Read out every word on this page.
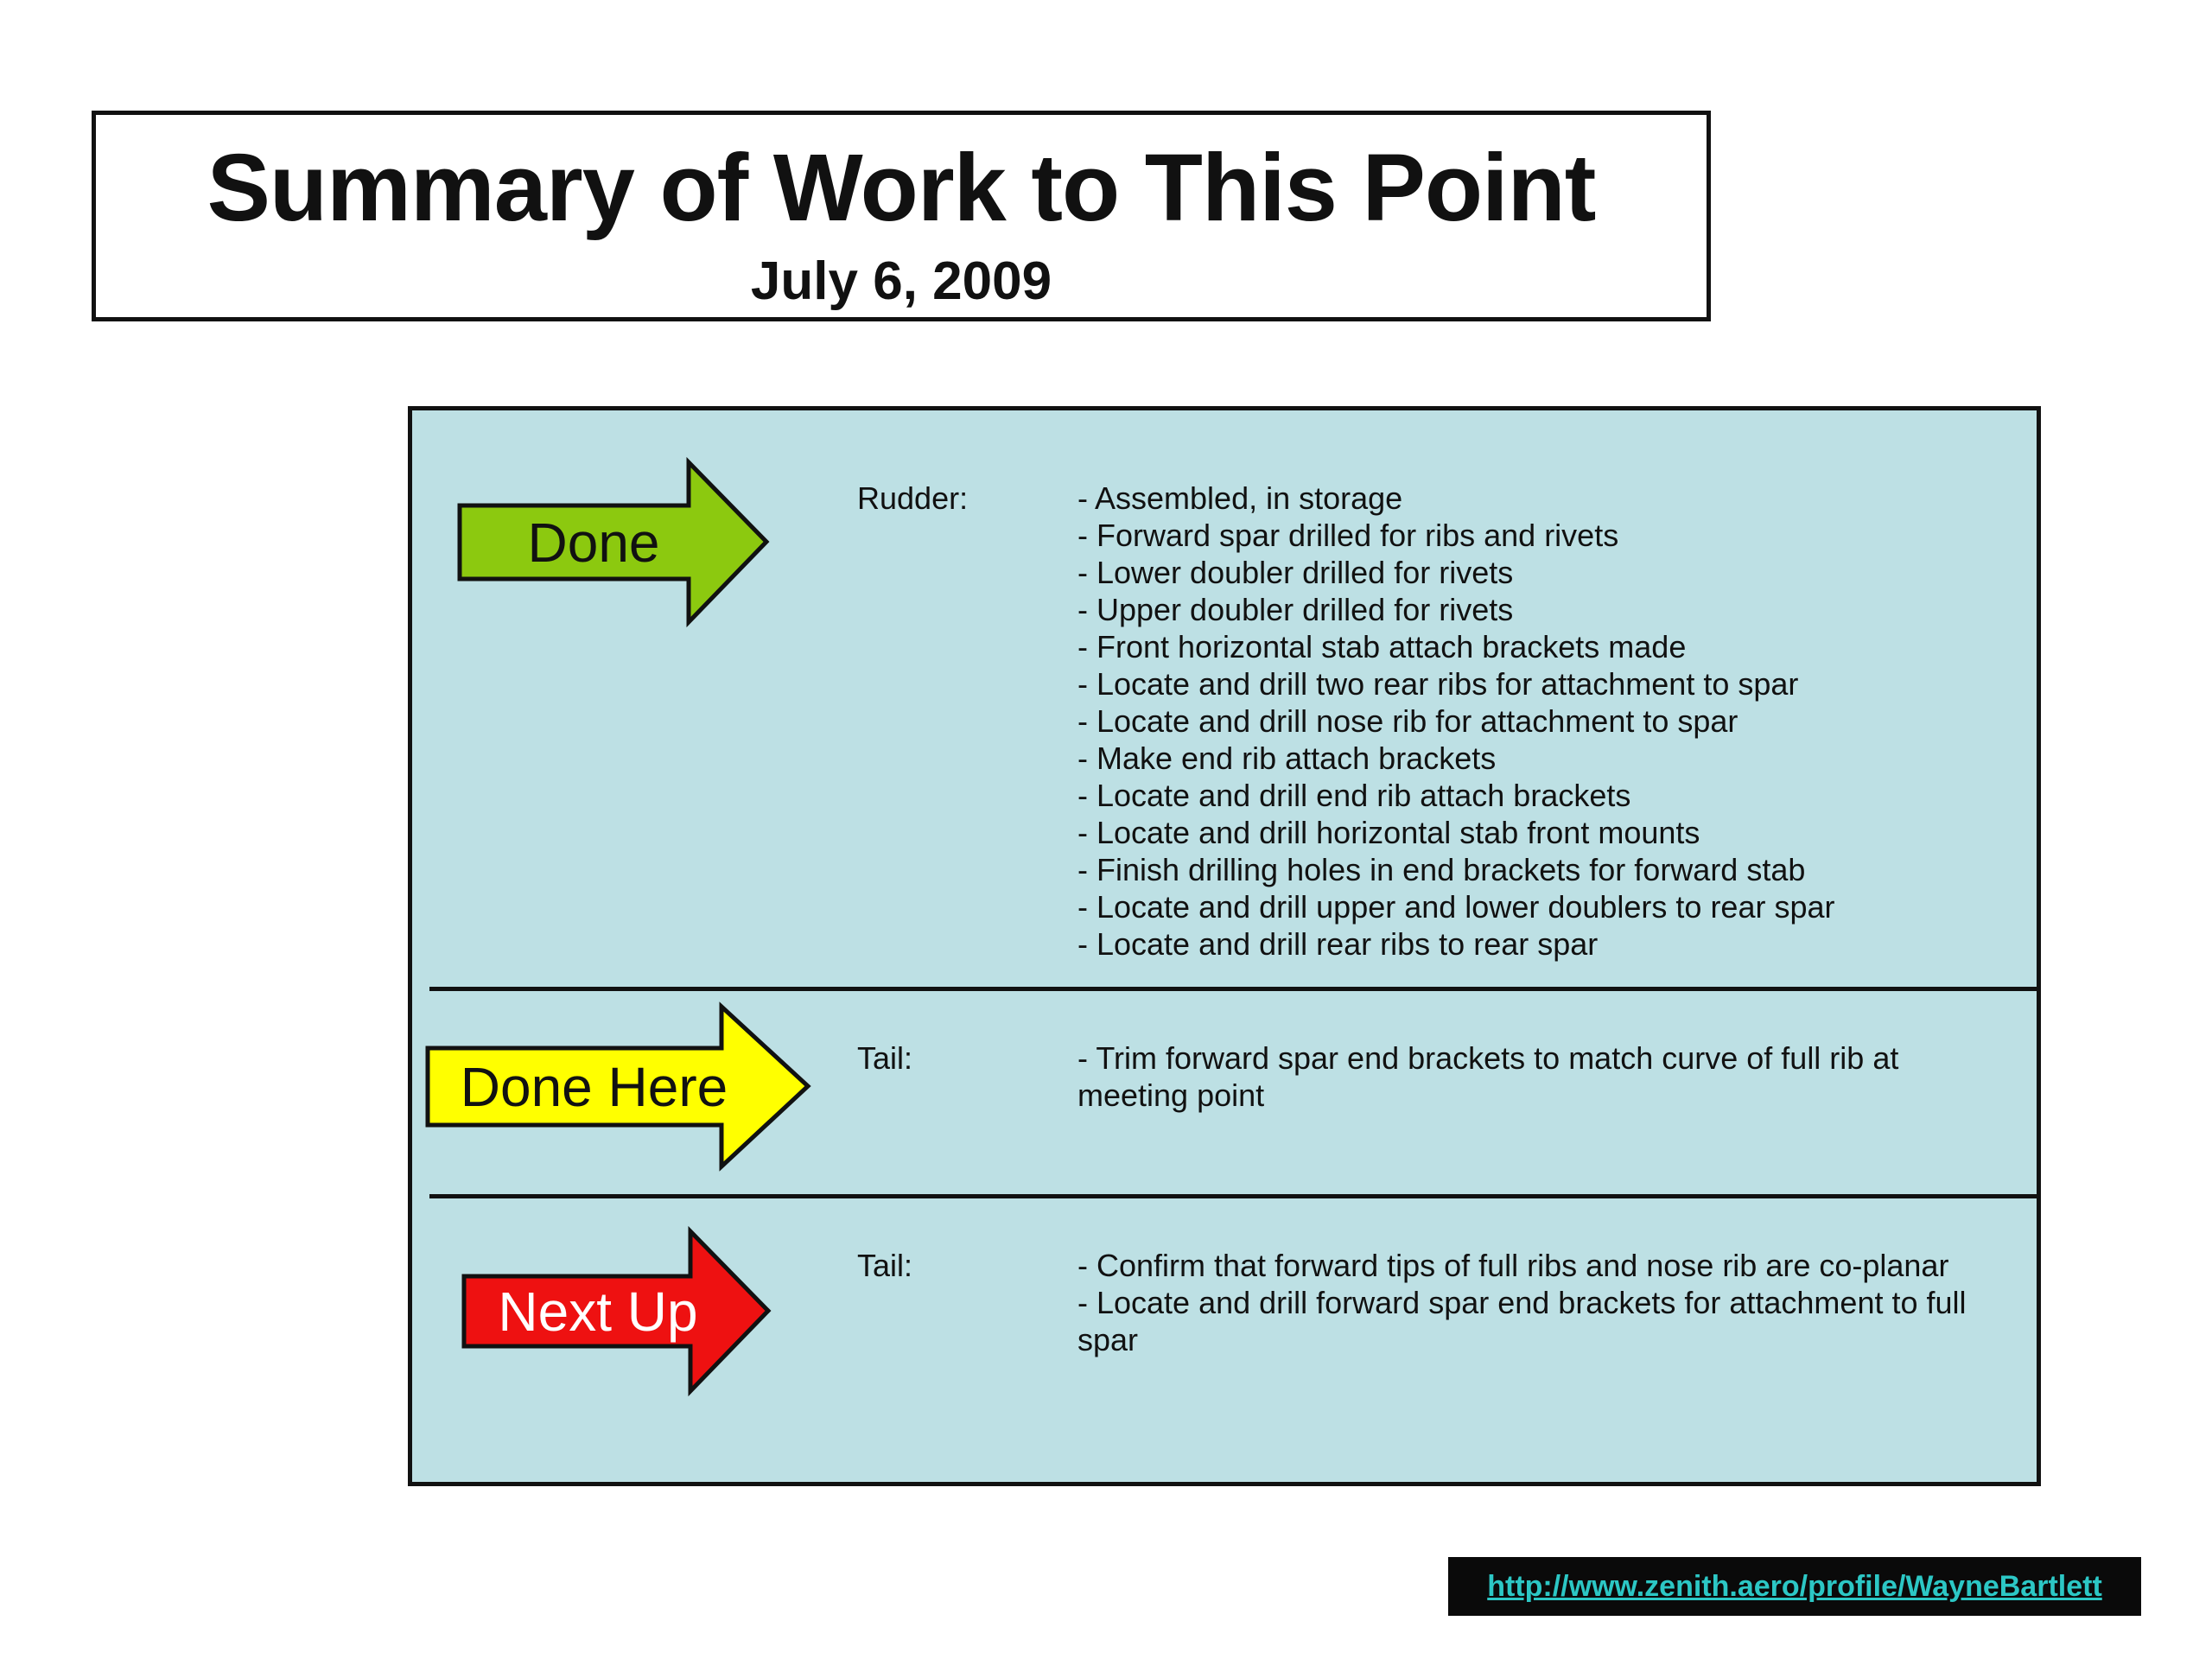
Summary of Work to This Point
July 6, 2009
Done
Rudder:	- Assembled, in storage
- Forward spar drilled for ribs and rivets
- Lower doubler drilled for rivets
- Upper doubler drilled for rivets
- Front horizontal stab attach brackets made
- Locate and drill two rear ribs for attachment to spar
- Locate and drill nose rib for attachment to spar
- Make end rib attach brackets
- Locate and drill end rib attach brackets
- Locate and drill horizontal stab front mounts
- Finish drilling holes in end brackets for forward stab
- Locate and drill upper and lower doublers to rear spar
- Locate and drill rear ribs to rear spar
Done Here	Tail:	- Trim forward spar end brackets to match curve of full rib at meeting point
Next Up
Tail:	- Confirm that forward tips of full ribs and nose rib are co-planar
- Locate and drill forward spar end brackets for attachment to full spar
http://www.zenith.aero/profile/WayneBartlett
